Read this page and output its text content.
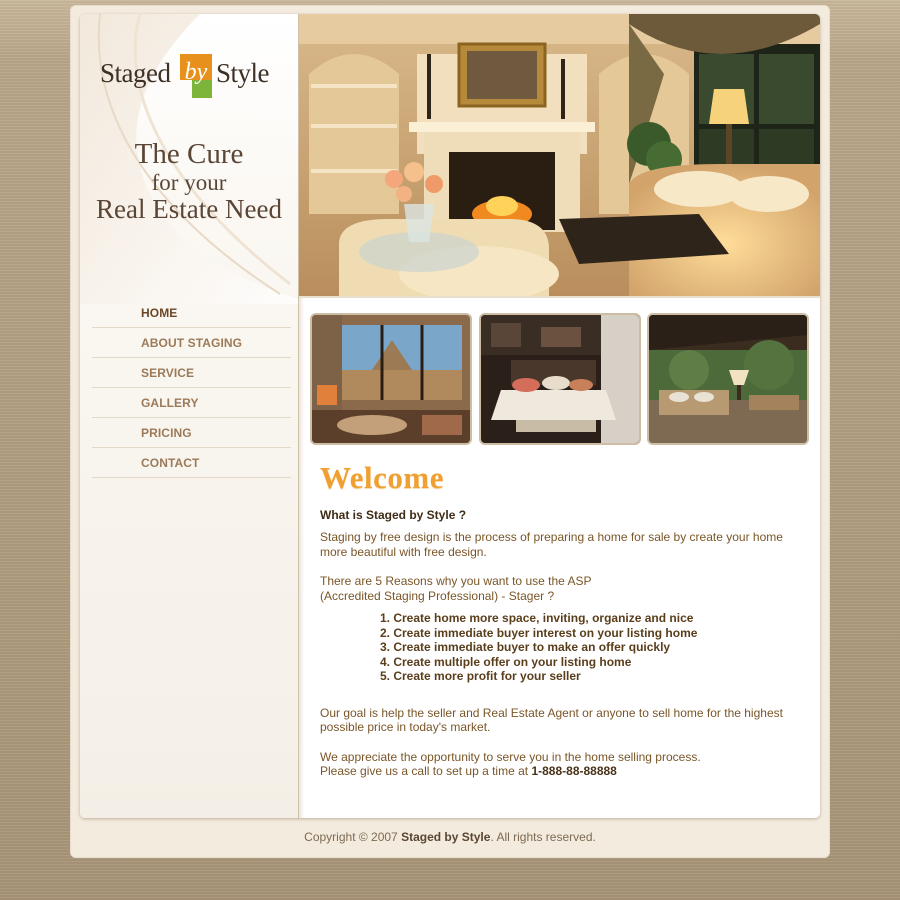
Staged by Style
The Cure
for your
Real Estate Need
HOME
ABOUT STAGING
SERVICE
GALLERY
PRICING
CONTACT	Welcome
What is Staged by Style ?
Staging by free design is the process of preparing a home for sale by create your home
more beautiful with free design.
There are 5 Reasons why you want to use the ASP
(Accredited Staging Professional) - Stager ?
1. Create home more space, inviting, organize and nice
2. Create immediate buyer interest on your listing home
3. Create immediate buyer to make an offer quickly
4. Create multiple offer on your listing home
5. Create more profit for your seller
Our goal is help the seller and Real Estate Agent or anyone to sell home for the highest
possible price in today's market.
We appreciate the opportunity to serve you in the home selling process.
Please give us a call to set up a time at 1-888-88-88888
Copyright © 2007 Staged by Style. All rights reserved.
